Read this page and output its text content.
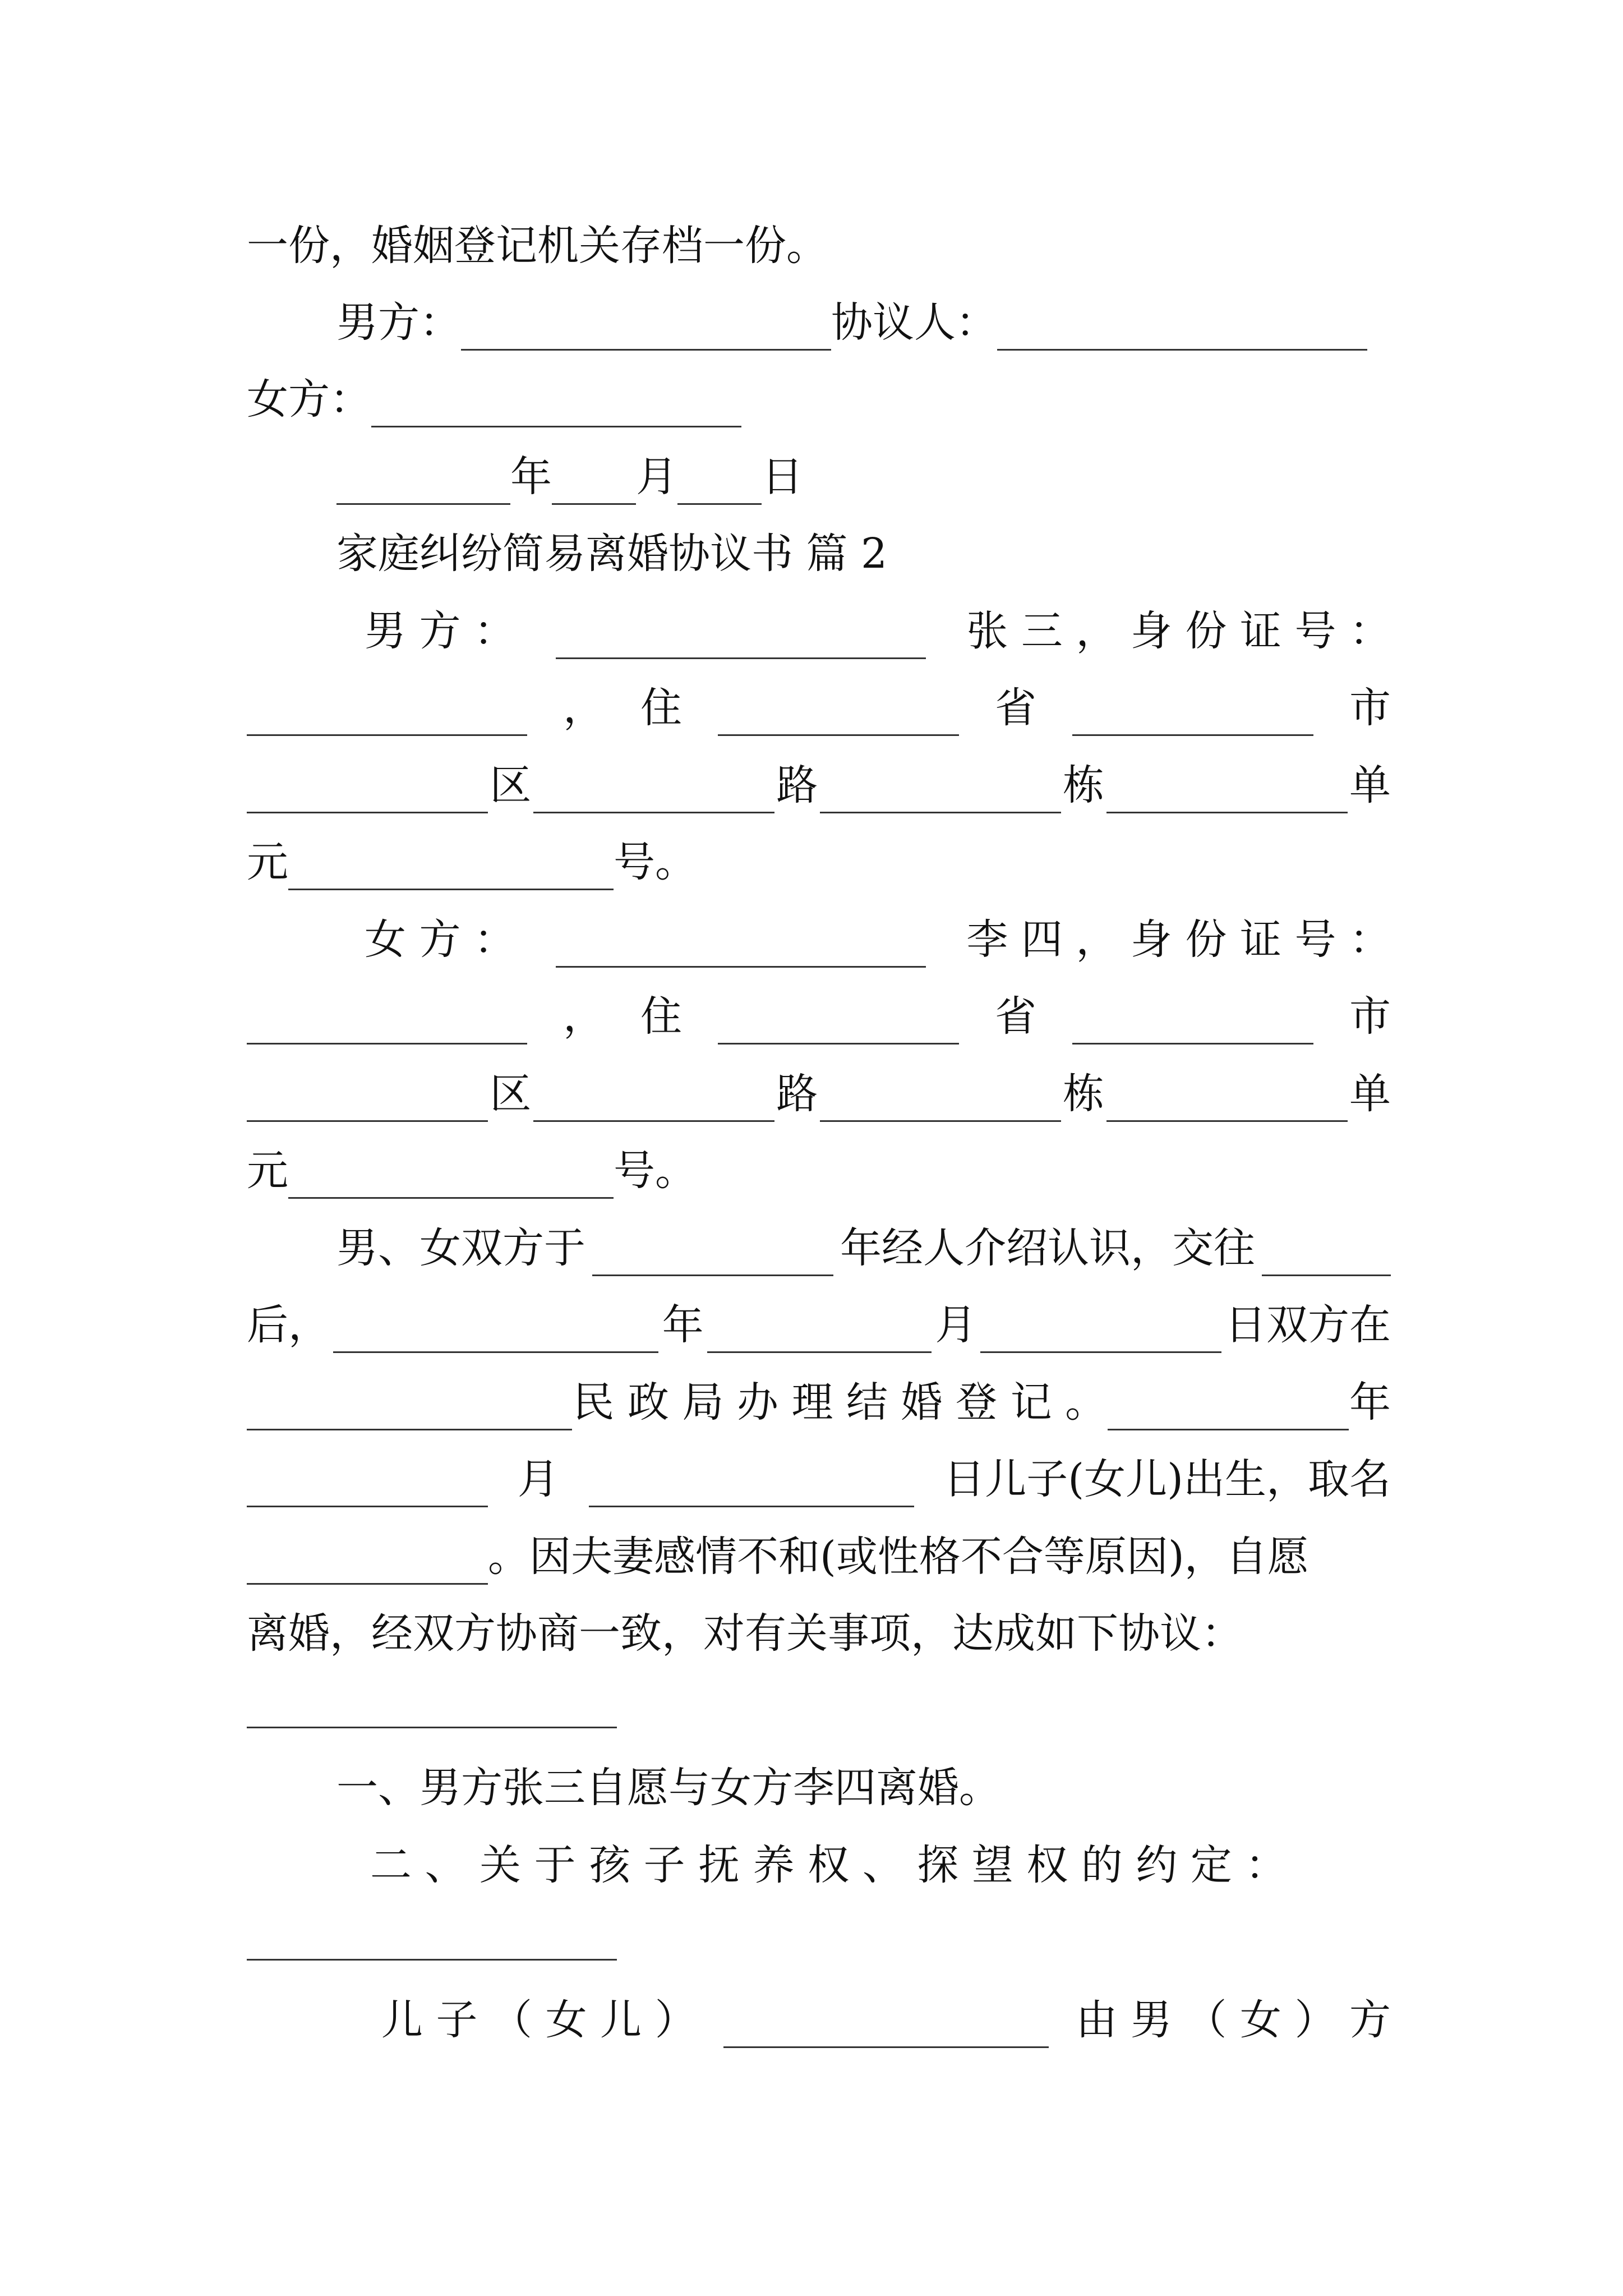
一份，婚姻登记机关存档一份。
男方：	协议人：
女方：
年 月 日
家庭纠纷简易离婚协议书 篇 2
男 方 ：	张 三 ， 身 份 证 号 ：
， 住	省	市
区	路	栋	单
元	号。
女 方 ：	李 四 ， 身 份 证 号 ：
， 住	省	市
区	路	栋	单
元	号。
男、女双方于	年经人介绍认识，交往
后，	年	月	日双方在
民 政 局 办 理 结 婚 登 记 。	年
月	日儿子(女儿)出生，取名
。因夫妻感情不和(或性格不合等原因)，自愿
离婚，经双方协商一致，对有关事项，达成如下协议：
一、男方张三自愿与女方李四离婚。
二 、 关 于 孩 子 抚 养 权 、 探 望 权 的 约 定 ：
儿 子 （ 女 儿 ）	由 男 （ 女 ） 方
